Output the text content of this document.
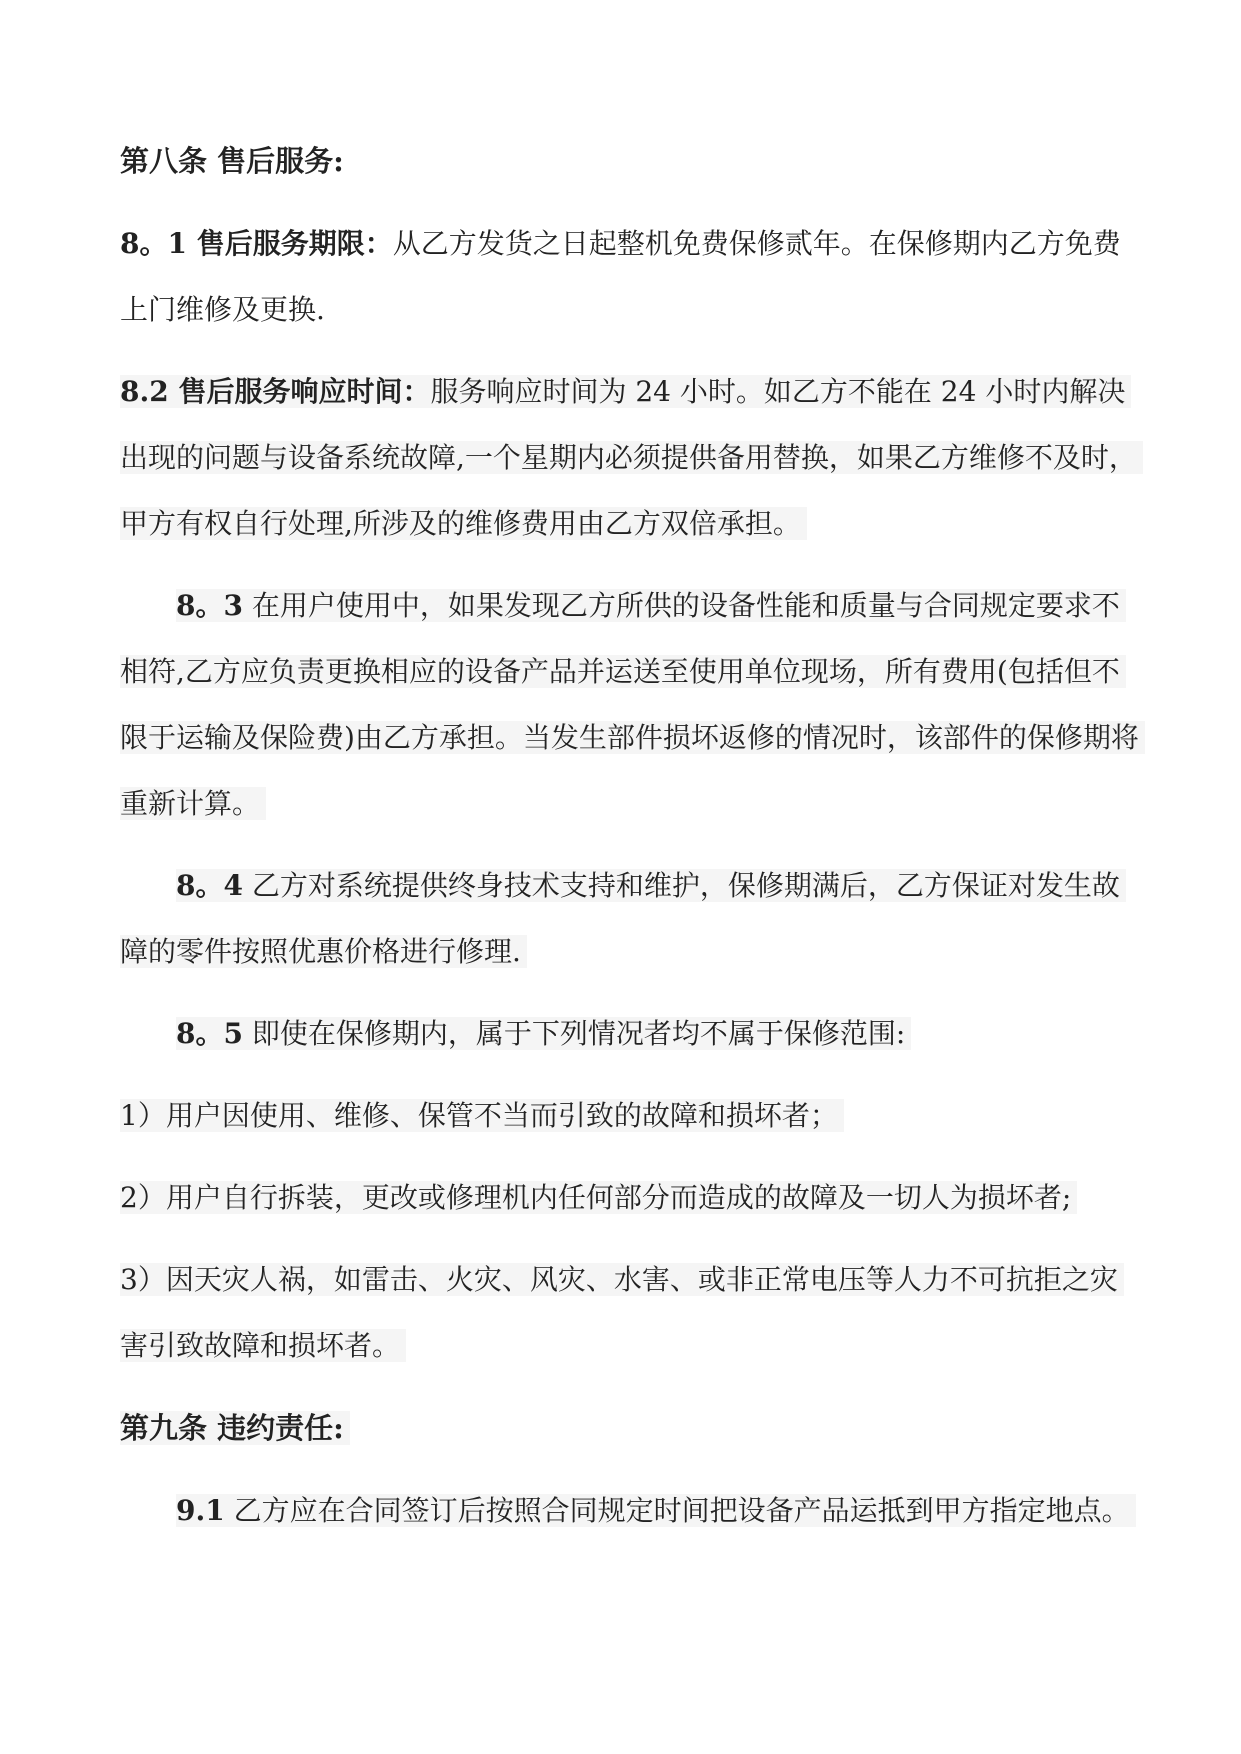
第八条 售后服务:

8。1 售后服务期限：从乙方发货之日起整机免费保修贰年。在保修期内乙方免费上门维修及更换.

8.2 售后服务响应时间：服务响应时间为 24 小时。如乙方不能在 24 小时内解决出现的问题与设备系统故障,一个星期内必须提供备用替换，如果乙方维修不及时，甲方有权自行处理,所涉及的维修费用由乙方双倍承担。

8。3 在用户使用中，如果发现乙方所供的设备性能和质量与合同规定要求不相符,乙方应负责更换相应的设备产品并运送至使用单位现场，所有费用(包括但不限于运输及保险费)由乙方承担。当发生部件损坏返修的情况时，该部件的保修期将重新计算。

8。4 乙方对系统提供终身技术支持和维护，保修期满后，乙方保证对发生故障的零件按照优惠价格进行修理.

8。5 即使在保修期内，属于下列情况者均不属于保修范围:

1）用户因使用、维修、保管不当而引致的故障和损坏者；

2）用户自行拆装，更改或修理机内任何部分而造成的故障及一切人为损坏者;

3）因天灾人祸，如雷击、火灾、风灾、水害、或非正常电压等人力不可抗拒之灾害引致故障和损坏者。

第九条 违约责任:

9.1 乙方应在合同签订后按照合同规定时间把设备产品运抵到甲方指定地点。
